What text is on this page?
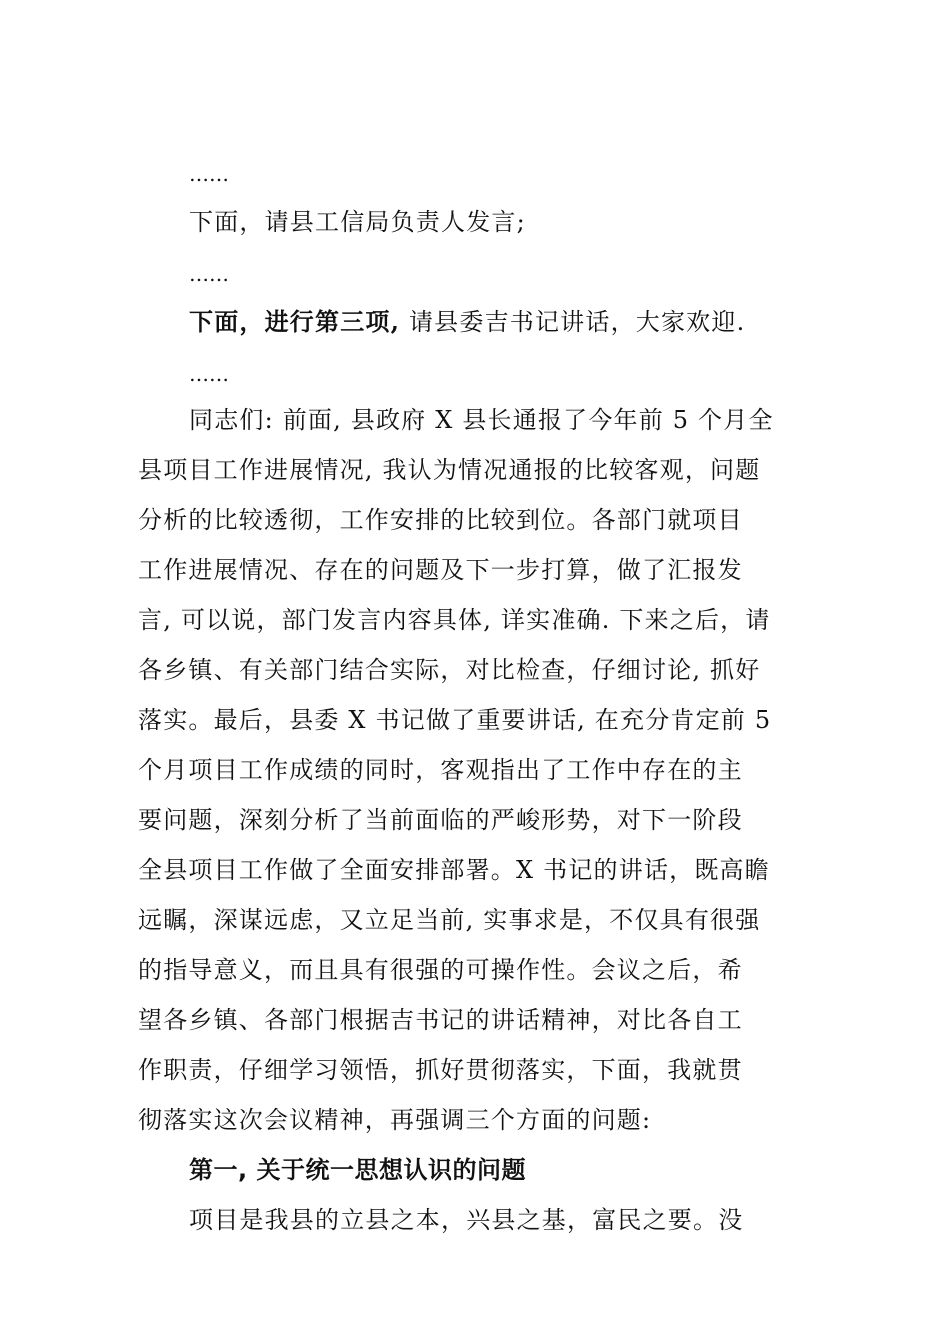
……
下面，请县工信局负责人发言;
……
下面，进行第三项, 请县委吉书记讲话，大家欢迎.
……
同志们: 前面, 县政府 X 县长通报了今年前 5 个月全
县项目工作进展情况, 我认为情况通报的比较客观，问题
分析的比较透彻，工作安排的比较到位。各部门就项目
工作进展情况、存在的问题及下一步打算，做了汇报发
言, 可以说，部门发言内容具体, 详实准确. 下来之后，请
各乡镇、有关部门结合实际，对比检查，仔细讨论, 抓好
落实。最后，县委 X 书记做了重要讲话, 在充分肯定前 5
个月项目工作成绩的同时，客观指出了工作中存在的主
要问题，深刻分析了当前面临的严峻形势，对下一阶段
全县项目工作做了全面安排部署。X 书记的讲话，既高瞻
远瞩，深谋远虑，又立足当前, 实事求是，不仅具有很强
的指导意义，而且具有很强的可操作性。会议之后，希
望各乡镇、各部门根据吉书记的讲话精神，对比各自工
作职责，仔细学习领悟，抓好贯彻落实，下面，我就贯
彻落实这次会议精神，再强调三个方面的问题:
第一, 关于统一思想认识的问题
项目是我县的立县之本，兴县之基，富民之要。没
